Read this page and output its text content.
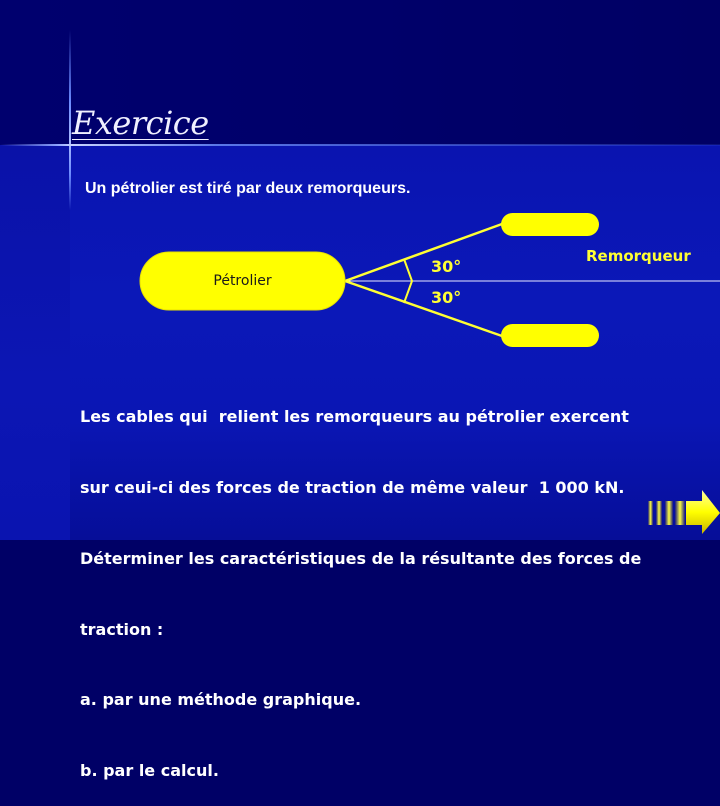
Exercice
Un pétrolier est tiré par deux remorqueurs.
Pétrolier
30°
30°
Remorqueur

Les cables qui  relient les remorqueurs au pétrolier exercent

sur ceui-ci des forces de traction de même valeur  1 000 kN.

Déterminer les caractéristiques de la résultante des forces de

traction :

a. par une méthode graphique.

b. par le calcul.
